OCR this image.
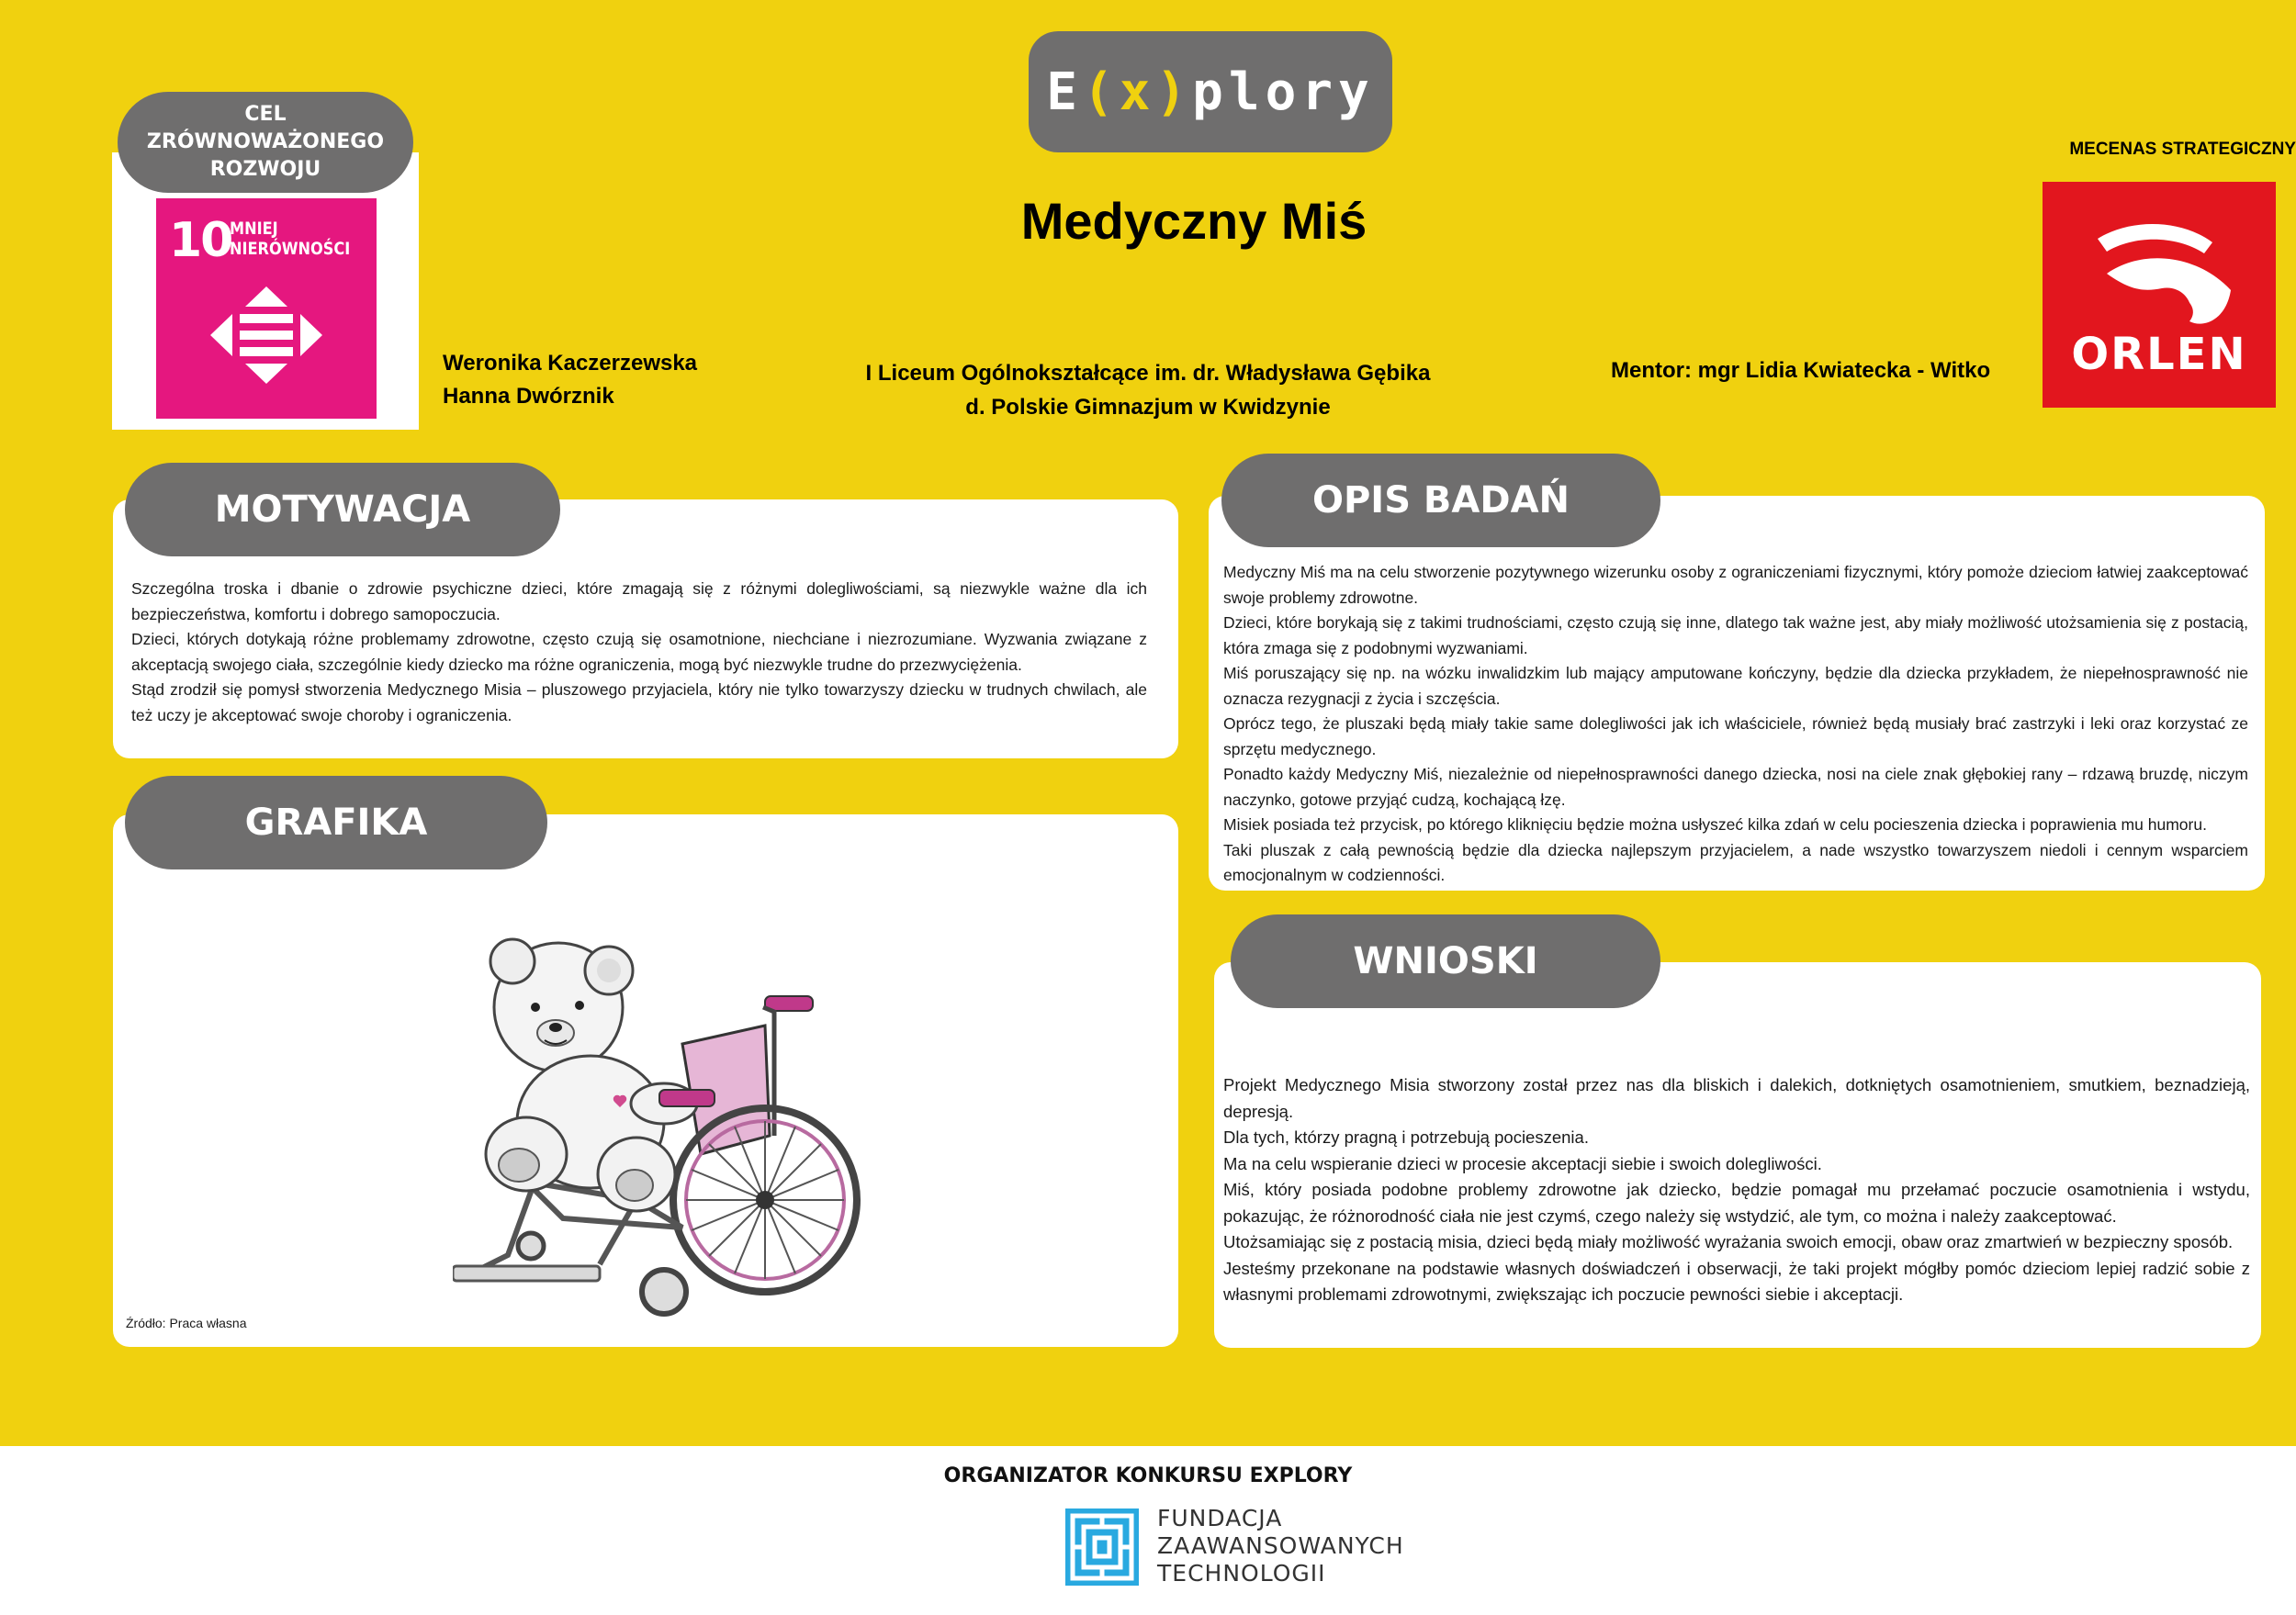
E ( x ) plory
Medyczny Miś
CEL
ZRÓWNOWAŻONEGO
ROZWOJU
10
MNIEJ
NIERÓWNOŚCI
Weronika Kaczerzewska
Hanna Dwórznik
I Liceum Ogólnokształcące im. dr. Władysława Gębika
d. Polskie Gimnazjum w Kwidzynie
Mentor: mgr Lidia Kwiatecka - Witko
MECENAS STRATEGICZNY
ORLEN

Szczególna troska i dbanie o zdrowie psychiczne dzieci, które zmagają się z różnymi dolegliwościami, są niezwykle ważne dla ich bezpieczeństwa, komfortu i dobrego samopoczucia.

Dzieci, których dotykają różne problemamy zdrowotne, często czują się osamotnione, niechciane i niezrozumiane. Wyzwania związane z akceptacją swojego ciała, szczególnie kiedy dziecko ma różne ograniczenia, mogą być niezwykle trudne do przezwyciężenia.

Stąd zrodził się pomysł stworzenia Medycznego Misia – pluszowego przyjaciela, który nie tylko towarzyszy dziecku w trudnych chwilach, ale też uczy je akceptować swoje choroby i ograniczenia.

MOTYWACJA
Źródło: Praca własna
GRAFIKA

Medyczny Miś ma na celu stworzenie pozytywnego wizerunku osoby z ograniczeniami fizycznymi, który pomoże dzieciom łatwiej zaakceptować swoje problemy zdrowotne.

Dzieci, które borykają się z takimi trudnościami, często czują się inne, dlatego tak ważne jest, aby miały możliwość utożsamienia się z postacią, która zmaga się z podobnymi wyzwaniami.

Miś poruszający się np. na wózku inwalidzkim lub mający amputowane kończyny, będzie dla dziecka przykładem, że niepełnosprawność nie oznacza rezygnacji z życia i szczęścia.

Oprócz tego, że pluszaki będą miały takie same dolegliwości jak ich właściciele, również będą musiały brać zastrzyki i leki oraz korzystać ze sprzętu medycznego.

Ponadto każdy Medyczny Miś, niezależnie od niepełnosprawności danego dziecka, nosi na ciele znak głębokiej rany – rdzawą bruzdę, niczym naczynko, gotowe przyjąć cudzą, kochającą łzę.

Misiek posiada też przycisk, po którego kliknięciu będzie można usłyszeć kilka zdań w celu pocieszenia dziecka i poprawienia mu humoru.

Taki pluszak z całą pewnością będzie dla dziecka najlepszym przyjacielem, a nade wszystko towarzyszem niedoli i cennym wsparciem emocjonalnym w codzienności.

OPIS BADAŃ

Projekt Medycznego Misia stworzony został przez nas dla bliskich i dalekich, dotkniętych osamotnieniem, smutkiem, beznadzieją, depresją.

Dla tych, którzy pragną i potrzebują pocieszenia.

Ma na celu wspieranie dzieci w procesie akceptacji siebie i swoich dolegliwości.

Miś, który posiada podobne problemy zdrowotne jak dziecko, będzie pomagał mu przełamać poczucie osamotnienia i wstydu, pokazując, że różnorodność ciała nie jest czymś, czego należy się wstydzić, ale tym, co można i należy zaakceptować.

Utożsamiając się z postacią misia, dzieci będą miały możliwość wyrażania swoich emocji, obaw oraz zmartwień w bezpieczny sposób.

Jesteśmy przekonane na podstawie własnych doświadczeń i obserwacji, że taki projekt mógłby pomóc dzieciom lepiej radzić sobie z własnymi problemami zdrowotnymi, zwiększając ich poczucie pewności siebie i akceptacji.

WNIOSKI
ORGANIZATOR KONKURSU EXPLORY
FUNDACJA
ZAAWANSOWANYCH
TECHNOLOGII
